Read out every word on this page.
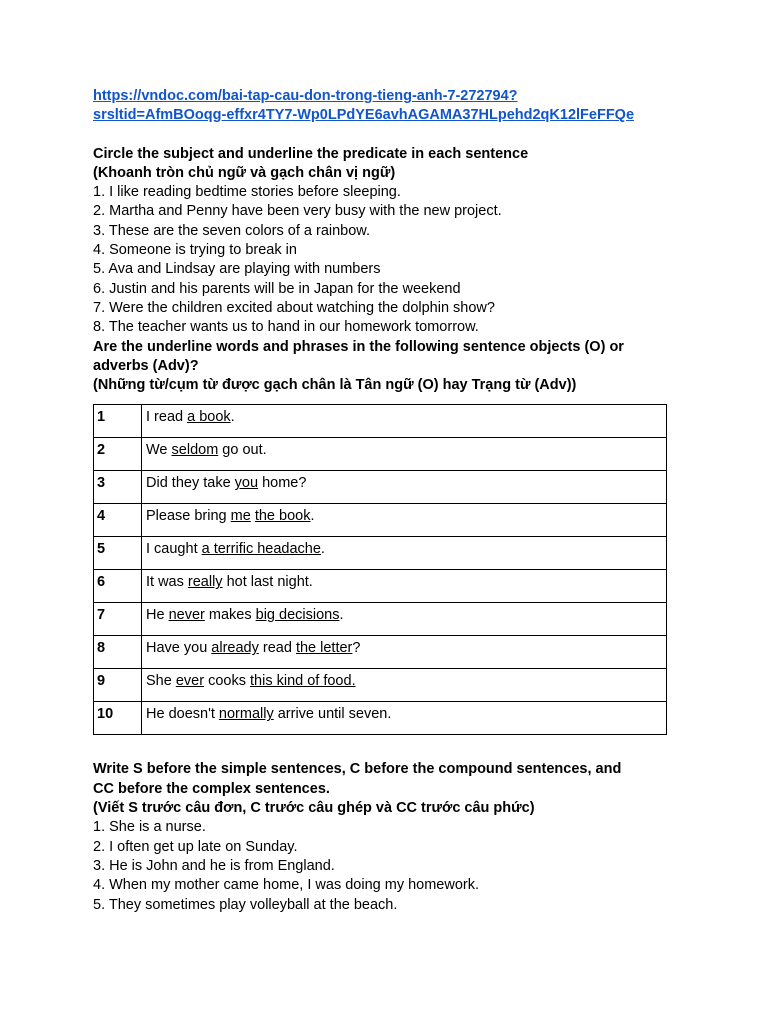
https://vndoc.com/bai-tap-cau-don-trong-tieng-anh-7-272794?
srsltid=AfmBOoqg-effxr4TY7-Wp0LPdYE6avhAGAMA37HLpehd2qK12lFeFFQe
Circle the subject and underline the predicate in each sentence
(Khoanh tròn chủ ngữ và gạch chân vị ngữ)
1. I like reading bedtime stories before sleeping.
2. Martha and Penny have been very busy with the new project.
3. These are the seven colors of a rainbow.
4. Someone is trying to break in
5. Ava and Lindsay are playing with numbers
6. Justin and his parents will be in Japan for the weekend
7. Were the children excited about watching the dolphin show?
8. The teacher wants us to hand in our homework tomorrow.
Are the underline words and phrases in the following sentence objects (O) or
adverbs (Adv)?
(Những từ/cụm từ được gạch chân là Tân ngữ (O) hay Trạng từ (Adv))
1	I read a book.
2	We seldom go out.
3	Did they take you home?
4	Please bring me the book.
5	I caught a terrific headache.
6	It was really hot last night.
7	He never makes big decisions.
8	Have you already read the letter?
9	She ever cooks this kind of food.
10	He doesn't normally arrive until seven.
Write S before the simple sentences, C before the compound sentences, and
CC before the complex sentences.
(Viết S trước câu đơn, C trước câu ghép và CC trước câu phức)
1. She is a nurse.
2. I often get up late on Sunday.
3. He is John and he is from England.
4. When my mother came home, I was doing my homework.
5. They sometimes play volleyball at the beach.
